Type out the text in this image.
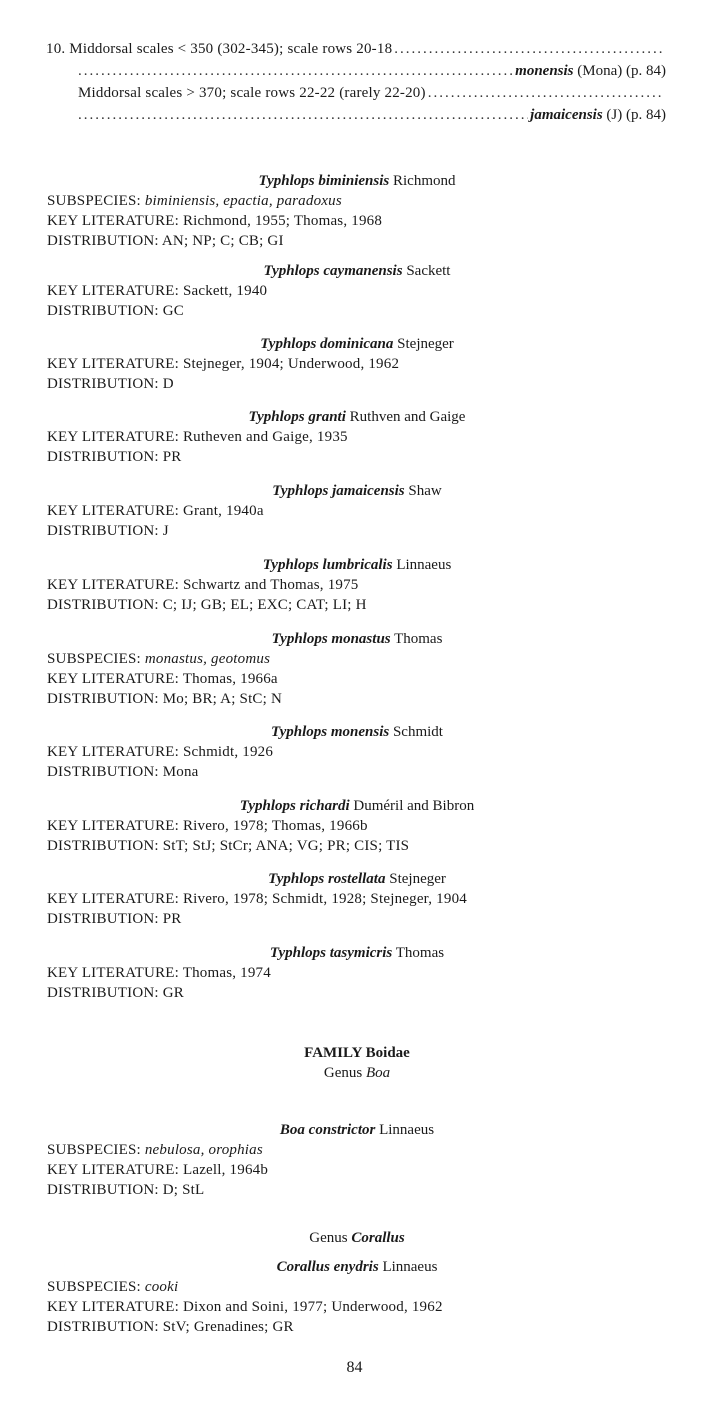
10. Middorsal scales < 350 (302-345); scale rows 20-18
.....
.....
monensis (Mona) (p. 84)
Middorsal scales > 370; scale rows 22-22 (rarely 22-20)
.....
.....
jamaicensis (J) (p. 84)
Typhlops biminiensis Richmond
SUBSPECIES: biminiensis, epactia, paradoxus
KEY LITERATURE: Richmond, 1955; Thomas, 1968
DISTRIBUTION: AN; NP; C; CB; GI
Typhlops caymanensis Sackett
KEY LITERATURE: Sackett, 1940
DISTRIBUTION: GC
Typhlops dominicana Stejneger
KEY LITERATURE: Stejneger, 1904; Underwood, 1962
DISTRIBUTION: D
Typhlops granti Ruthven and Gaige
KEY LITERATURE: Rutheven and Gaige, 1935
DISTRIBUTION: PR
Typhlops jamaicensis Shaw
KEY LITERATURE: Grant, 1940a
DISTRIBUTION: J
Typhlops lumbricalis Linnaeus
KEY LITERATURE: Schwartz and Thomas, 1975
DISTRIBUTION: C; IJ; GB; EL; EXC; CAT; LI; H
Typhlops monastus Thomas
SUBSPECIES: monastus, geotomus
KEY LITERATURE: Thomas, 1966a
DISTRIBUTION: Mo; BR; A; StC; N
Typhlops monensis Schmidt
KEY LITERATURE: Schmidt, 1926
DISTRIBUTION: Mona
Typhlops richardi Duméril and Bibron
KEY LITERATURE: Rivero, 1978; Thomas, 1966b
DISTRIBUTION: StT; StJ; StCr; ANA; VG; PR; CIS; TIS
Typhlops rostellata Stejneger
KEY LITERATURE: Rivero, 1978; Schmidt, 1928; Stejneger, 1904
DISTRIBUTION: PR
Typhlops tasymicris Thomas
KEY LITERATURE: Thomas, 1974
DISTRIBUTION: GR
FAMILY Boidae
Genus Boa
Boa constrictor Linnaeus
SUBSPECIES: nebulosa, orophias
KEY LITERATURE: Lazell, 1964b
DISTRIBUTION: D; StL
Genus Corallus
Corallus enydris Linnaeus
SUBSPECIES: cooki
KEY LITERATURE: Dixon and Soini, 1977; Underwood, 1962
DISTRIBUTION: StV; Grenadines; GR
84
